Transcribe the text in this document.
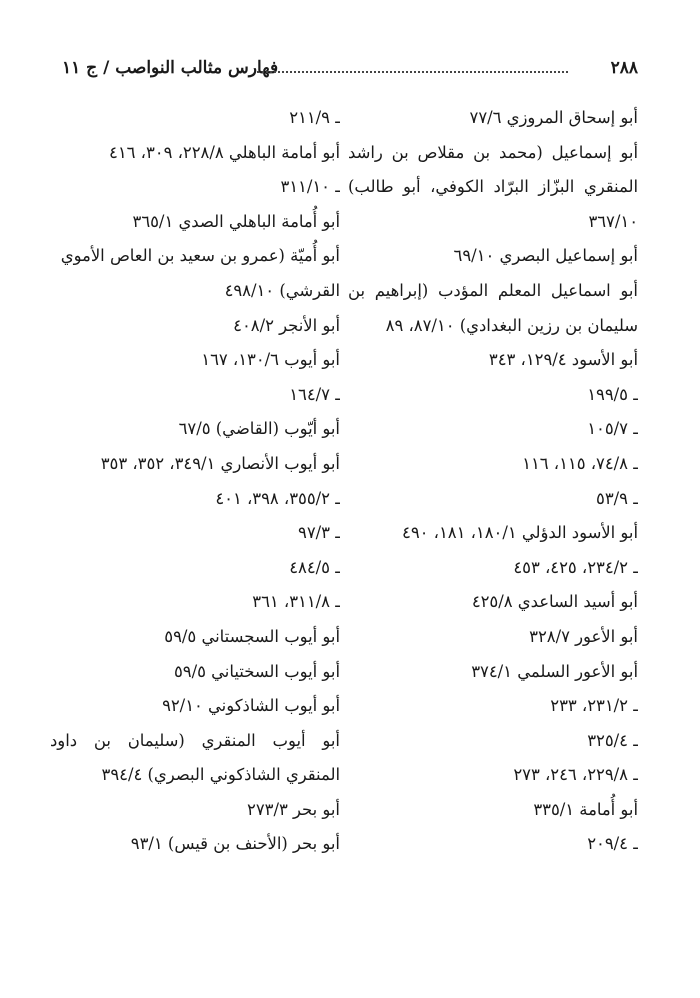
فهارس مثالب النواصب / ج ١١	٢٨٨
أبو إسحاق المروزي ٧٧/٦
أبو إسماعيل (محمد بن مقلاص بن راشد
المنقري البزّاز البرّاد الكوفي، أبو طالب)
٣٦٧/١٠
أبو إسماعيل البصري ٦٩/١٠
أبو اسماعيل المعلم المؤدب (إبراهيم بن
سليمان بن رزين البغدادي) ٨٧/١٠، ٨٩
أبو الأسود ١٢٩/٤، ٣٤٣
ـ ١٩٩/٥
ـ ١٠٥/٧
ـ ٧٤/٨، ١١٥، ١١٦
ـ ٥٣/٩
أبو الأسود الدؤلي ١٨٠/١، ١٨١، ٤٩٠
ـ ٢٣٤/٢، ٤٢٥، ٤٥٣
أبو أسيد الساعدي ٤٢٥/٨
أبو الأعور ٣٢٨/٧
أبو الأعور السلمي ٣٧٤/١
ـ ٢٣١/٢، ٢٣٣
ـ ٣٢٥/٤
ـ ٢٢٩/٨، ٢٤٦، ٢٧٣
أبو أُمامة ٣٣٥/١
ـ ٢٠٩/٤
ـ ٢١١/٩
أبو أمامة الباهلي ٢٢٨/٨، ٣٠٩، ٤١٦
ـ ٣١١/١٠
أبو أُمامة الباهلي الصدي ٣٦٥/١
أبو أُميّة (عمرو بن سعيد بن العاص الأموي
القرشي) ٤٩٨/١٠
أبو الأنجر ٤٠٨/٢
أبو أيوب ١٣٠/٦، ١٦٧
ـ ١٦٤/٧
أبو أيّوب (القاضي) ٦٧/٥
أبو أيوب الأنصاري ٣٤٩/١، ٣٥٢، ٣٥٣
ـ ٣٥٥/٢، ٣٩٨، ٤٠١
ـ ٩٧/٣
ـ ٤٨٤/٥
ـ ٣١١/٨، ٣٦١
أبو أيوب السجستاني ٥٩/٥
أبو أيوب السختياني ٥٩/٥
أبو أيوب الشاذكوني ٩٢/١٠
أبو أيوب المنقري (سليمان بن داود
المنقري الشاذكوني البصري) ٣٩٤/٤
أبو بحر ٢٧٣/٣
أبو بحر (الأحنف بن قيس) ٩٣/١
